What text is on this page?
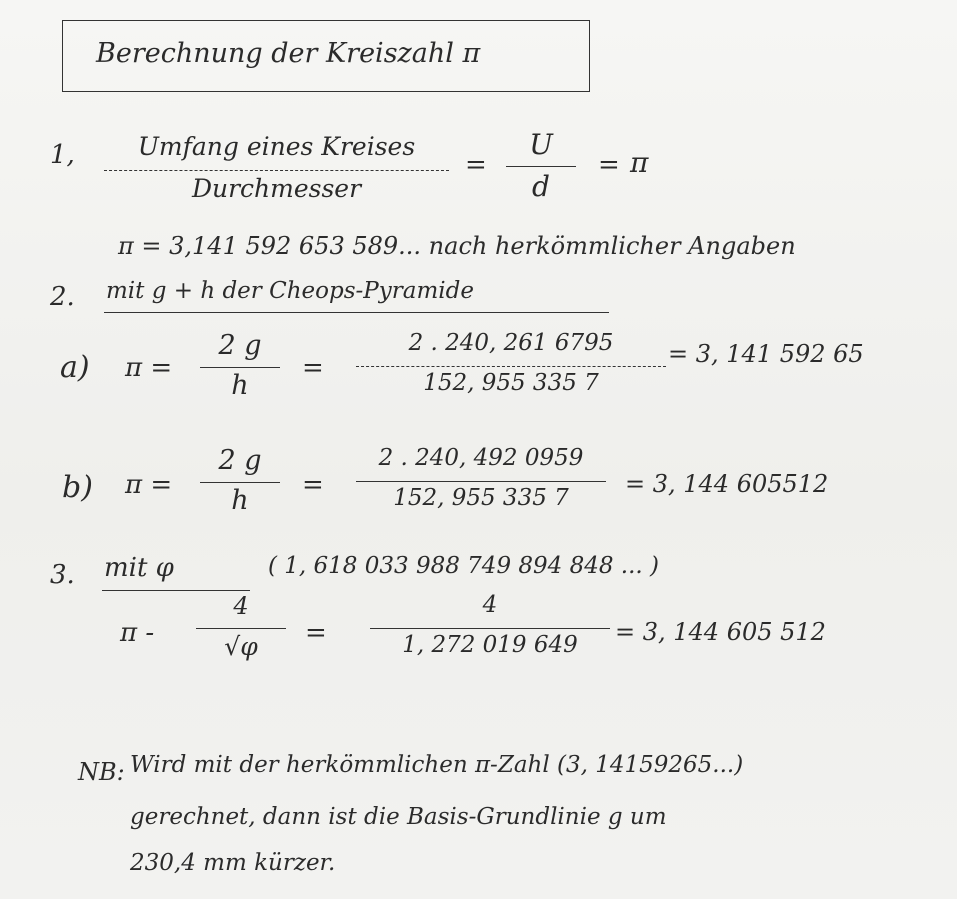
Berechnung der Kreiszahl π
1,	Umfang eines Kreises
Durchmesser
=
U
d
= π
π = 3,141 592 653 589... nach herkömmlicher Angaben
2. mit g + h der Cheops-Pyramide
a) π =
2 g
h
=
2 . 240, 261 6795
152, 955 335 7
= 3, 141 592 65
b) π =
2 g
h	=
2 . 240, 492 0959
152, 955 335 7	= 3, 144 605512
3. mit φ	( 1, 618 033 988 749 894 848 ... )
π -
4
√φ	=
4
1, 272 019 649	= 3, 144 605 512
NB: Wird mit der herkömmlichen π-Zahl (3, 14159265...)
gerechnet, dann ist die Basis-Grundlinie g um
230,4 mm kürzer.
